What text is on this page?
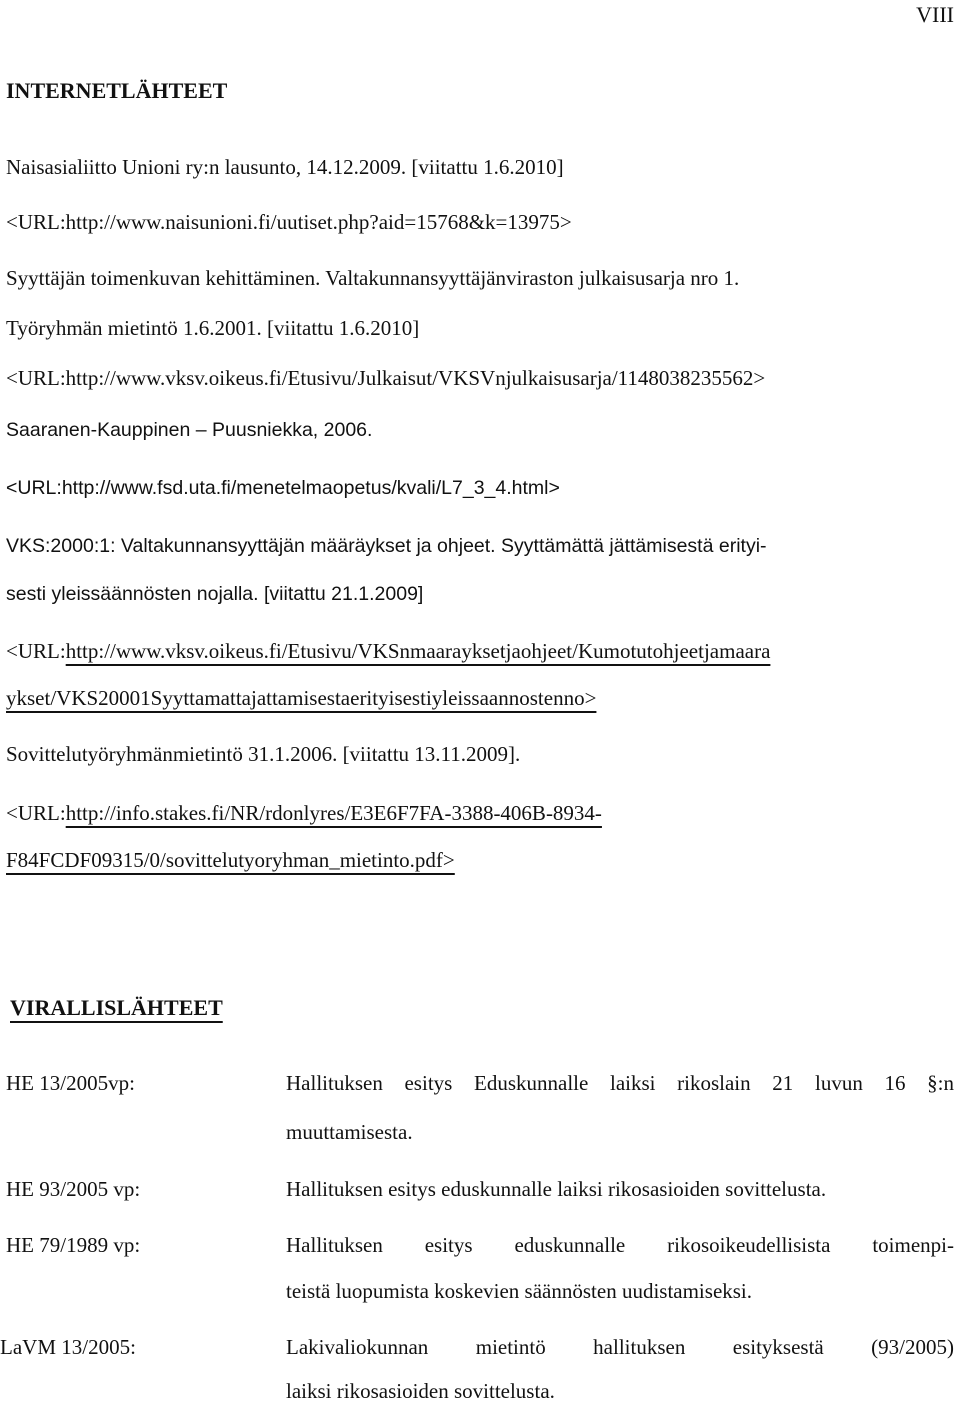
VIII
INTERNETLÄHTEET
Naisasialiitto Unioni ry:n lausunto, 14.12.2009. [viitattu 1.6.2010]
<URL:http://www.naisunioni.fi/uutiset.php?aid=15768&k=13975>
Syyttäjän toimenkuvan kehittäminen. Valtakunnansyyttäjänviraston julkaisusarja nro 1.
Työryhmän mietintö 1.6.2001. [viitattu 1.6.2010]
<URL:http://www.vksv.oikeus.fi/Etusivu/Julkaisut/VKSVnjulkaisusarja/1148038235562>
Saaranen-Kauppinen – Puusniekka, 2006.
<URL:http://www.fsd.uta.fi/menetelmaopetus/kvali/L7_3_4.html>
VKS:2000:1: Valtakunnansyyttäjän määräykset ja ohjeet. Syyttämättä jättämisestä erityi-
sesti yleissäännösten nojalla. [viitattu 21.1.2009]
<URL:http://www.vksv.oikeus.fi/Etusivu/VKSnmaarayksetjaohjeet/Kumotutohjeetjamaara
ykset/VKS20001Syyttamattajattamisestaerityisestiyleissaannostenno>
Sovittelutyöryhmänmietintö 31.1.2006. [viitattu 13.11.2009].
<URL:http://info.stakes.fi/NR/rdonlyres/E3E6F7FA-3388-406B-8934-
F84FCDF09315/0/sovittelutyoryhman_mietinto.pdf>
VIRALLISLÄHTEET
HE 13/2005vp:	Hallituksen esitys Eduskunnalle laiksi rikoslain 21 luvun 16 §:n
muuttamisesta.
HE 93/2005 vp:	Hallituksen esitys eduskunnalle laiksi rikosasioiden sovittelusta.
HE 79/1989 vp:	Hallituksen esitys eduskunnalle rikosoikeudellisista toimenpi-
teistä luopumista koskevien säännösten uudistamiseksi.
LaVM 13/2005:	Lakivaliokunnan mietintö hallituksen esityksestä (93/2005)
laiksi rikosasioiden sovittelusta.
